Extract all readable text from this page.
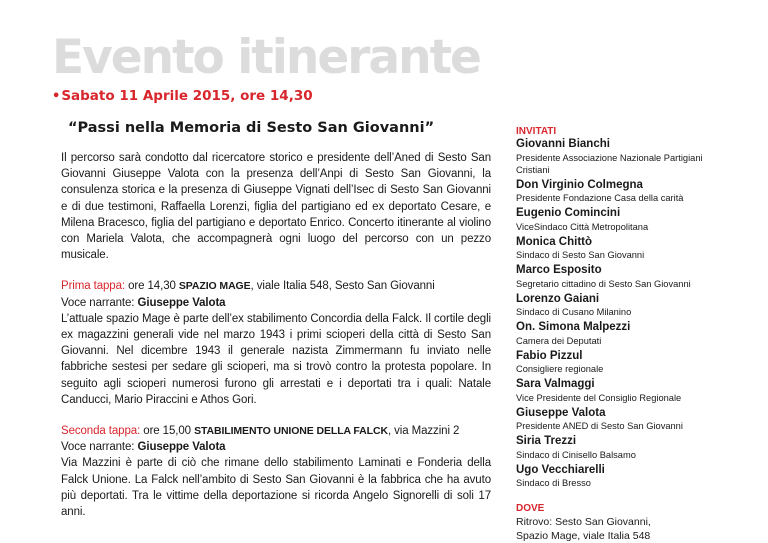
Evento itinerante
•Sabato 11 Aprile 2015, ore 14,30
“Passi nella Memoria di Sesto San Giovanni”

Il percorso sarà condotto dal ricercatore storico e presidente dell’Aned di Sesto San Giovanni Giuseppe Valota con la presenza dell’Anpi di Sesto San Giovanni, la consulenza storica e la presenza di Giuseppe Vignati dell’Isec di Sesto San Giovanni e di due testimoni, Raffaella Lorenzi, figlia del partigiano ed ex deportato Cesare, e Milena Bracesco, figlia del partigiano e deportato Enrico. Concerto itinerante al violino con Mariela Valota, che accompagnerà ogni luogo del percorso con un pezzo musicale.

Prima tappa: ore 14,30 SPAZIO MAGE, viale Italia 548, Sesto San Giovanni
Voce narrante: Giuseppe Valota
L’attuale spazio Mage è parte dell’ex stabilimento Concordia della Falck. Il cortile degli ex magazzini generali vide nel marzo 1943 i primi scioperi della città di Sesto San Giovanni. Nel dicembre 1943 il generale nazista Zimmermann fu inviato nelle fabbriche sestesi per sedare gli scioperi, ma si trovò contro la protesta popolare. In seguito agli scioperi numerosi furono gli arrestati e i deportati tra i quali: Natale Canducci, Mario Piraccini e Athos Gori.
Seconda tappa: ore 15,00 STABILIMENTO UNIONE DELLA FALCK, via Mazzini 2
Voce narrante: Giuseppe Valota
Via Mazzini è parte di ciò che rimane dello stabilimento Laminati e Fonderia della Falck Unione. La Falck nell’ambito di Sesto San Giovanni è la fabbrica che ha avuto più deportati. Tra le vittime della deportazione si ricorda Angelo Signorelli di soli 17 anni.
INVITATI
Giovanni Bianchi
Presidente Associazione Nazionale Partigiani Cristiani
Don Virginio Colmegna
Presidente Fondazione Casa della carità
Eugenio Comincini
ViceSindaco Città Metropolitana
Monica Chittò
Sindaco di Sesto San Giovanni
Marco Esposito
Segretario cittadino di Sesto San Giovanni
Lorenzo Gaiani
Sindaco di Cusano Milanino
On. Simona Malpezzi
Camera dei Deputati
Fabio Pizzul
Consigliere regionale
Sara Valmaggi
Vice Presidente del Consiglio Regionale
Giuseppe Valota
Presidente ANED di Sesto San Giovanni
Siria Trezzi
Sindaco di Cinisello Balsamo
Ugo Vecchiarelli
Sindaco di Bresso
DOVE
Ritrovo: Sesto San Giovanni,
Spazio Mage, viale Italia 548
